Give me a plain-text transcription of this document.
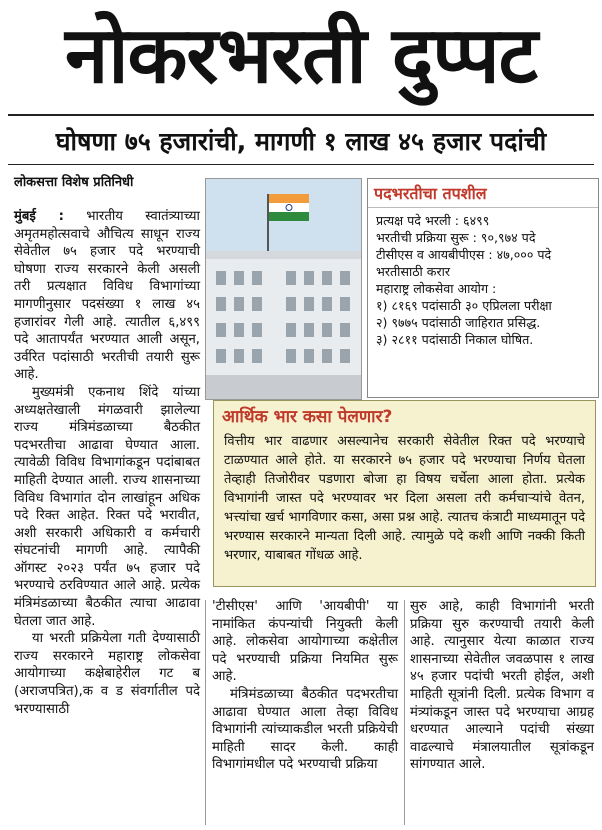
नोकरभरती दुप्पट
घोषणा ७५ हजारांची, मागणी १ लाख ४५ हजार पदांची
लोकसत्ता विशेष प्रतिनिधी

मुंबई : भारतीय स्वातंत्र्याच्या अमृतमहोत्सवाचे औचित्य साधून राज्य सेवेतील ७५ हजार पदे भरण्याची घोषणा राज्य सरकारने केली असली तरी प्रत्यक्षात विविध विभागांच्या मागणीनुसार पदसंख्या १ लाख ४५ हजारांवर गेली आहे. त्यातील ६,४९९ पदे आतापर्यंत भरण्यात आली असून, उर्वरित पदांसाठी भरतीची तयारी सुरू आहे.

मुख्यमंत्री एकनाथ शिंदे यांच्या अध्यक्षतेखाली मंगळवारी झालेल्या राज्य मंत्रिमंडळाच्या बैठकीत पदभरतीचा आढावा घेण्यात आला. त्यावेळी विविध विभागांकडून पदांबाबत माहिती देण्यात आली. राज्य शासनाच्या विविध विभागांत दोन लाखांहून अधिक पदे रिक्त आहेत. रिक्त पदे भरावीत, अशी सरकारी अधिकारी व कर्मचारी संघटनांची मागणी आहे. त्यापैकी ऑगस्ट २०२३ पर्यंत ७५ हजार पदे भरण्याचे ठरविण्यात आले आहे. प्रत्येक मंत्रिमंडळाच्या बैठकीत त्याचा आढावा घेतला जात आहे.

या भरती प्रक्रियेला गती देण्यासाठी राज्य सरकारने महाराष्ट्र लोकसेवा आयोगाच्या कक्षेबाहेरील गट ब (अराजपत्रित),क व ड संवर्गातील पदे भरण्यासाठी

पदभरतीचा तपशील
प्रत्यक्ष पदे भरली : ६४९९
भरतीची प्रक्रिया सुरू : ९०,९७४ पदे
टीसीएस व आयबीपीएस : ४७,००० पदे
भरतीसाठी करार
महाराष्ट्र लोकसेवा आयोग :
१) ८१६९ पदांसाठी ३० एप्रिलला परीक्षा
२) ९७७५ पदांसाठी जाहिरात प्रसिद्ध.
३) २८११ पदांसाठी निकाल घोषित.
आर्थिक भार कसा पेलणार?
वित्तीय भार वाढणार असल्यानेच सरकारी सेवेतील रिक्त पदे भरण्याचे टाळण्यात आले होते. या सरकारने ७५ हजार पदे भरण्याचा निर्णय घेतला तेव्हाही तिजोरीवर पडणारा बोजा हा विषय चर्चेला आला होता. प्रत्येक विभागांनी जास्त पदे भरण्यावर भर दिला असला तरी कर्मचाऱ्यांचे वेतन, भत्त्यांचा खर्च भागविणार कसा, असा प्रश्न आहे. त्यातच कंत्राटी माध्यमातून पदे भरण्यास सरकारने मान्यता दिली आहे. त्यामुळे पदे कशी आणि नक्की किती भरणार, याबाबत गोंधळ आहे.

'टीसीएस' आणि 'आयबीपी' या नामांकित कंपन्यांची नियुक्ती केली आहे. लोकसेवा आयोगाच्या कक्षेतील पदे भरण्याची प्रक्रिया नियमित सुरू आहे.

मंत्रिमंडळाच्या बैठकीत पदभरतीचा आढावा घेण्यात आला तेव्हा विविध विभागांनी त्यांच्याकडील भरती प्रक्रियेची माहिती सादर केली. काही विभागांमधील पदे भरण्याची प्रक्रिया

सुरु आहे, काही विभागांनी भरती प्रक्रिया सुरु करण्याची तयारी केली आहे. त्यानुसार येत्या काळात राज्य शासनाच्या सेवेतील जवळपास १ लाख ४५ हजार पदांची भरती होईल, अशी माहिती सूत्रांनी दिली. प्रत्येक विभाग व मंत्र्यांकडून जास्त पदे भरण्याचा आग्रह धरण्यात आल्याने पदांची संख्या वाढल्याचे मंत्रालयातील सूत्रांकडून सांगण्यात आले.
